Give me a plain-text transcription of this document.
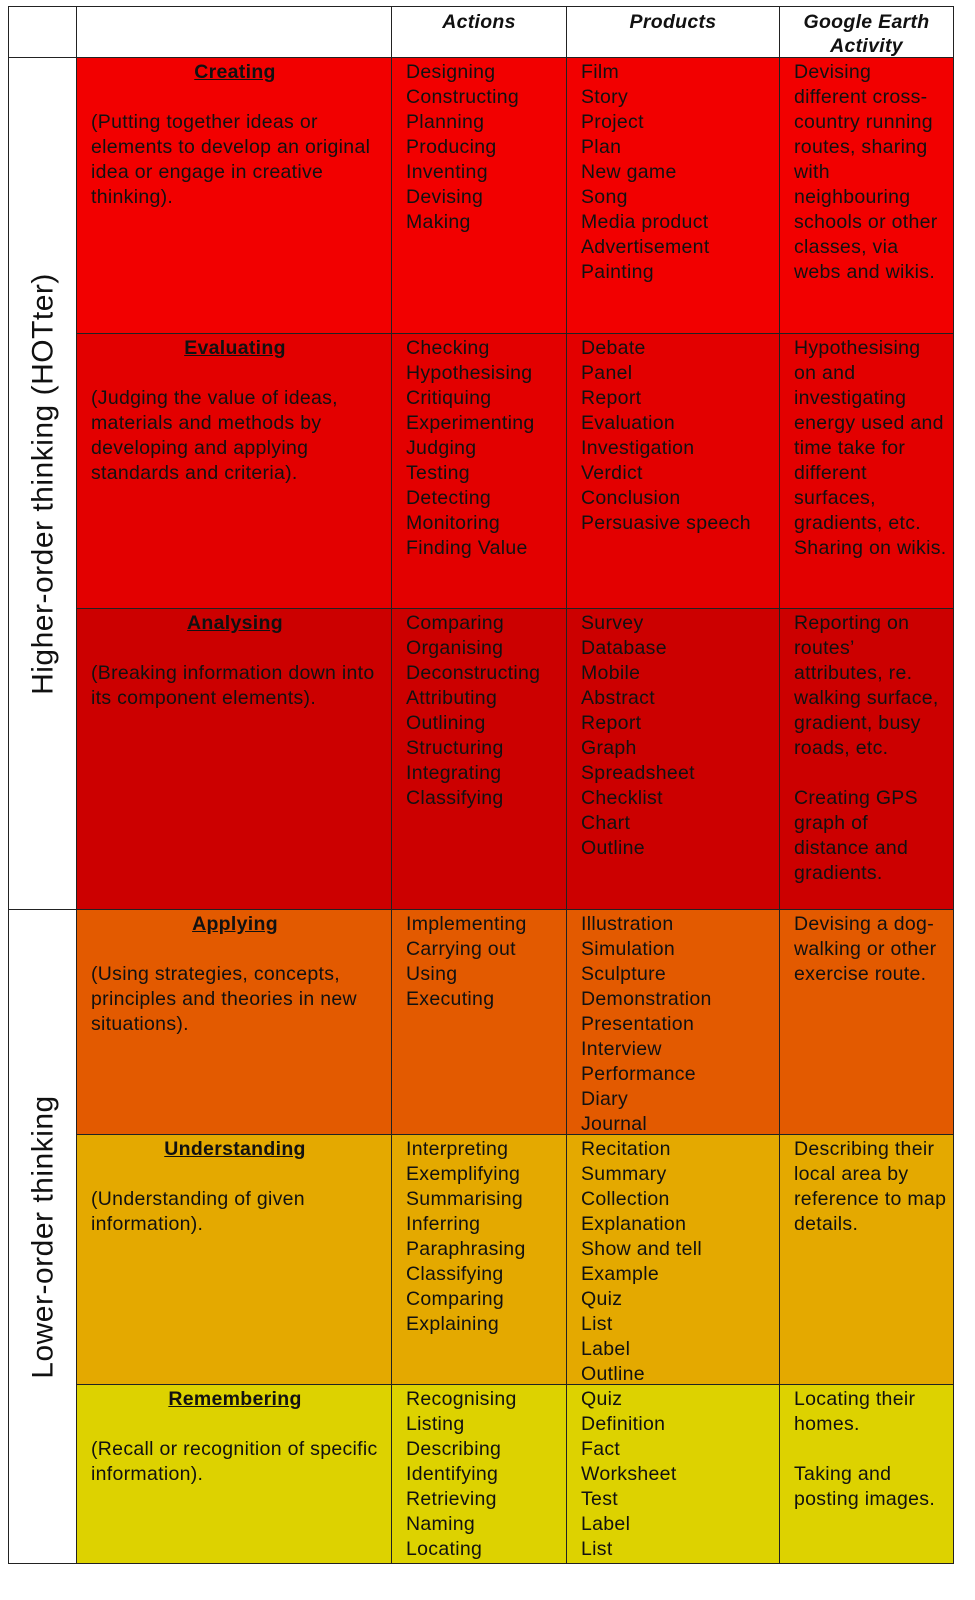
Actions	Products	Google Earth Activity
Higher-order thinking (HOTter)
Lower-order thinking
Creating
(Putting together ideas or elements to develop an original idea or engage in creative thinking).
Designing
Constructing
Planning
Producing
Inventing
Devising
Making
Film
Story
Project
Plan
New game
Song
Media product
Advertisement
Painting
Devising different cross-country running routes, sharing with neighbouring schools or other classes, via webs and wikis.
Evaluating
(Judging the value of ideas, materials and methods by developing and applying standards and criteria).
Checking
Hypothesising
Critiquing
Experimenting
Judging
Testing
Detecting
Monitoring
Finding Value
Debate
Panel
Report
Evaluation
Investigation
Verdict
Conclusion
Persuasive speech
Hypothesising on and investigating energy used and time take for different surfaces, gradients, etc. Sharing on wikis.
Analysing
(Breaking information down into its component elements).
Comparing
Organising
Deconstructing
Attributing
Outlining
Structuring
Integrating
Classifying
Survey
Database
Mobile
Abstract
Report
Graph
Spreadsheet
Checklist
Chart
Outline
Reporting on routes’ attributes, re. walking surface, gradient, busy roads, etc.
Creating GPS graph of distance and gradients.
Applying
(Using strategies, concepts, principles and theories in new situations).
Implementing
Carrying out
Using
Executing
Illustration
Simulation
Sculpture
Demonstration
Presentation
Interview
Performance
Diary
Journal
Devising a dog-walking or other exercise route.
Understanding
(Understanding of given information).
Interpreting
Exemplifying
Summarising
Inferring
Paraphrasing
Classifying
Comparing
Explaining
Recitation
Summary
Collection
Explanation
Show and tell
Example
Quiz
List
Label
Outline
Describing their local area by reference to map details.
Remembering
(Recall or recognition of specific information).
Recognising
Listing
Describing
Identifying
Retrieving
Naming
Locating
Quiz
Definition
Fact
Worksheet
Test
Label
List
Locating their homes.
Taking and posting images.
